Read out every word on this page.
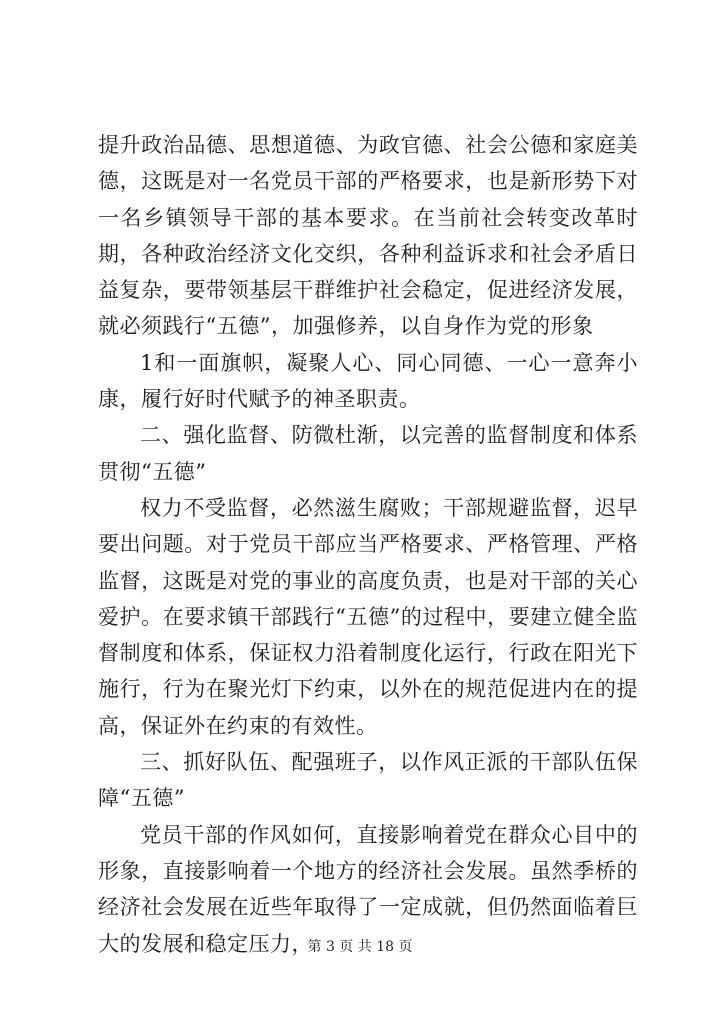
提升政治品德、思想道德、为政官德、社会公德和家庭美德，这既是对一名党员干部的严格要求，也是新形势下对一名乡镇领导干部的基本要求。在当前社会转变改革时期，各种政治经济文化交织，各种利益诉求和社会矛盾日益复杂，要带领基层干群维护社会稳定，促进经济发展，就必须践行“五德”，加强修养，以自身作为党的形象

1和一面旗帜，凝聚人心、同心同德、一心一意奔小康，履行好时代赋予的神圣职责。

二、强化监督、防微杜渐，以完善的监督制度和体系贯彻“五德”

权力不受监督，必然滋生腐败；干部规避监督，迟早要出问题。对于党员干部应当严格要求、严格管理、严格监督，这既是对党的事业的高度负责，也是对干部的关心爱护。在要求镇干部践行“五德”的过程中，要建立健全监督制度和体系，保证权力沿着制度化运行，行政在阳光下施行，行为在聚光灯下约束，以外在的规范促进内在的提高，保证外在约束的有效性。

三、抓好队伍、配强班子，以作风正派的干部队伍保障“五德”

党员干部的作风如何，直接影响着党在群众心目中的形象，直接影响着一个地方的经济社会发展。虽然季桥的经济社会发展在近些年取得了一定成就，但仍然面临着巨大的发展和稳定压力，

第 3 页 共 18 页
